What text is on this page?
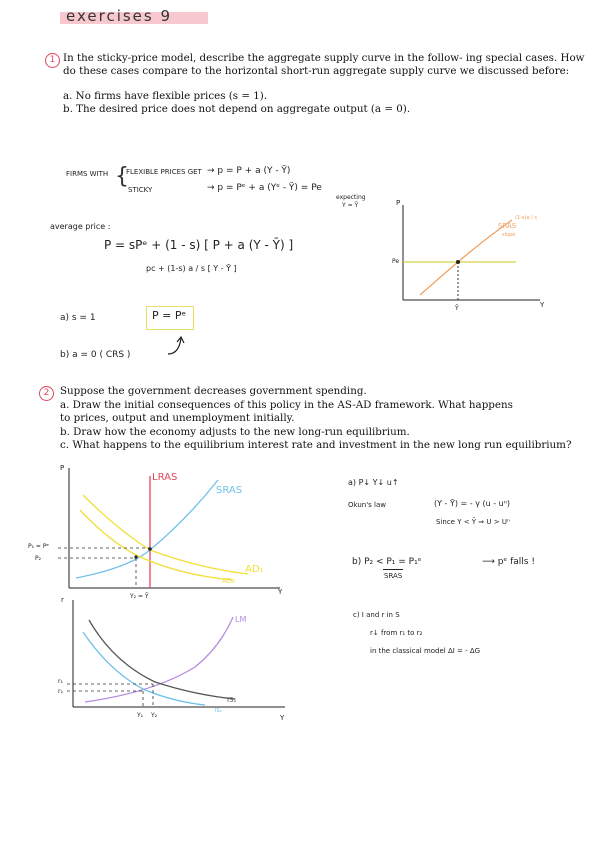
exercises 9
1 In the sticky-price model, describe the aggregate supply curve in the follow- ing special cases. How
do these cases compare to the horizontal short-run aggregate supply curve we discussed before:
a. No firms have flexible prices (s = 1).
b. The desired price does not depend on aggregate output (a = 0).
FIRMS WITH {
FLEXIBLE PRICES GET
STICKY
→ p = P + a (Y - Ȳ)
→ p = Pᵉ + a (Yᵉ - Ȳ) = Pe
expecting
Y = Ȳ
average price :
P = sPᵉ + (1 - s) [ P + a (Y - Ȳ) ]
pc + (1-s) a / s [ Y - Ȳ ]
a) s = 1	P = Pᵉ
b) a = 0 ( CRS )
P
Y
Pe
Ȳ
SRAS
slope
(1-s)a / s
2	Suppose the government decreases government spending.
a. Draw the initial consequences of this policy in the AS-AD framework. What happens
to prices, output and unemployment initially.
b. Draw how the economy adjusts to the new long-run equilibrium.
c. What happens to the equilibrium interest rate and investment in the new long run equilibrium?
P
Y
LRAS
SRAS
AD₁
AD₂
P₁ = Pᵉ
P₂
Y₂ = Ȳ
r
Y
LM
IS₁
IS₂
r₁
r₂
Y₁ Y₂
a) P↓ Y↓ u↑
Okun's law	(Y - Ȳ) = - γ (u - uⁿ)
Since Y < Ȳ ⇒ U > Uⁿ
b) P₂ < P₁ = P₁ᵉ	⟶ pᵉ falls !
SRAS
c) I and r in S
r↓ from r₁ to r₂
in the classical model ΔI = - ΔG
